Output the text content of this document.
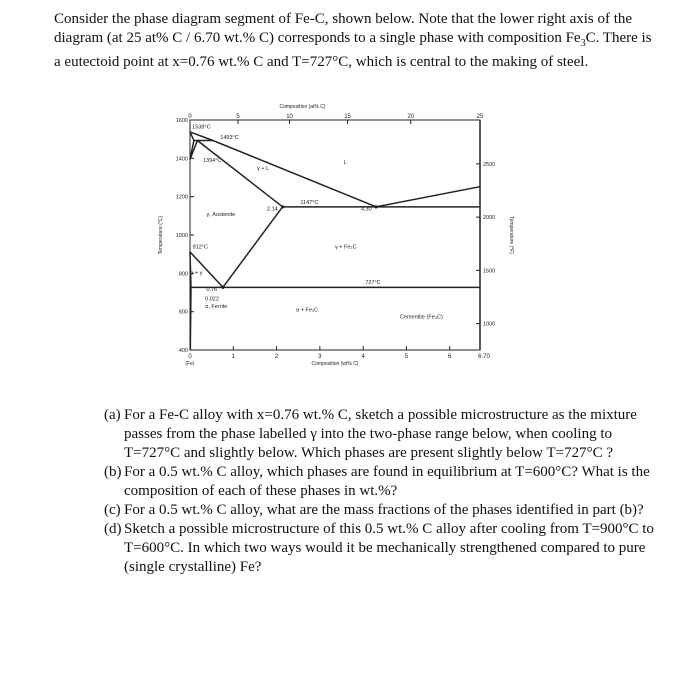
Consider the phase diagram segment of Fe-C, shown below. Note that the lower right axis of the diagram (at 25 at% C / 6.70 wt.% C) corresponds to a single phase with composition $Fe_3C$. There is a eutectoid point at x=0.76 wt.% C and T=727°C, which is central to the making of steel.
0	1	2	3	4	5	6
(Fe)
6.70
Composition (wt% C)
0	5	10	15	20	25
Composition (at% C)
400
600
800
1000
1200
1400
1600
Temperature (°C)
1000
1500
2000
2500
Temperature (°F)
1538°C
1493°C
L
1394°C
γ + L
1147°C
2.14	4.30
γ, Austenite
γ + Fe₃C
912°C
727°C
α + γ
0.76
0.022
α, Ferrite
α + Fe₃C
Cementite (Fe₃C)
(a) For a Fe-C alloy with x=0.76 wt.% C, sketch a possible microstructure as the mixture passes from the phase labelled γ into the two-phase range below, when cooling to T=727°C and slightly below. Which phases are present slightly below T=727°C ?
(b) For a 0.5 wt.% C alloy, which phases are found in equilibrium at T=600°C? What is the composition of each of these phases in wt.%?
(c) For a 0.5 wt.% C alloy, what are the mass fractions of the phases identified in part (b)?
(d) Sketch a possible microstructure of this 0.5 wt.% C alloy after cooling from T=900°C to T=600°C. In which two ways would it be mechanically strengthened compared to pure (single crystalline) Fe?
